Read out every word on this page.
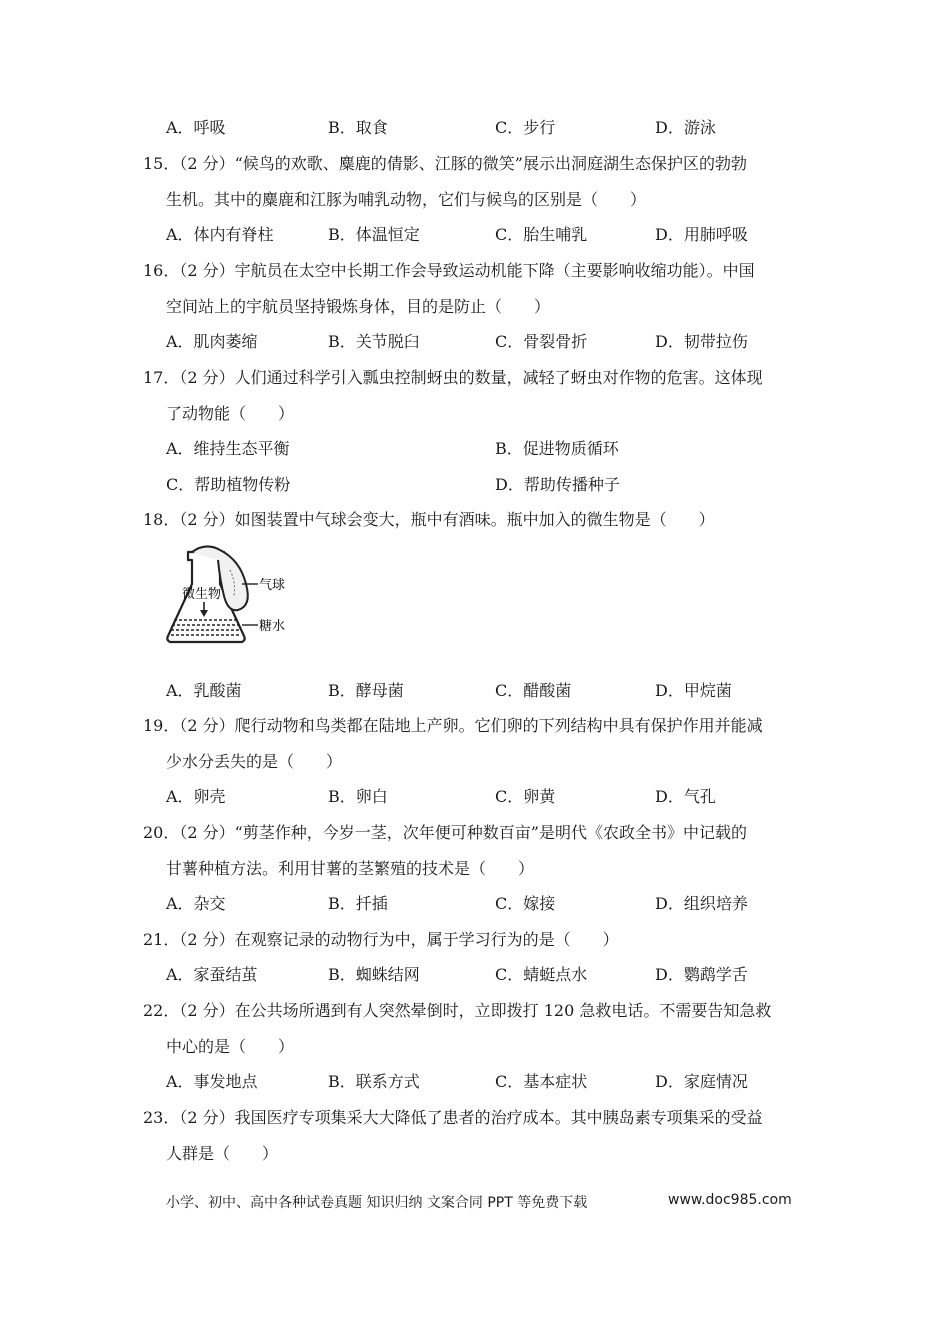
A．呼吸	B．取食	C．步行	D．游泳
15．（2 分）“候鸟的欢歌、麋鹿的倩影、江豚的微笑”展示出洞庭湖生态保护区的勃勃
生机。其中的麋鹿和江豚为哺乳动物，它们与候鸟的区别是（　　）
A．体内有脊柱	B．体温恒定	C．胎生哺乳	D．用肺呼吸
16．（2 分）宇航员在太空中长期工作会导致运动机能下降（主要影响收缩功能）。中国
空间站上的宇航员坚持锻炼身体，目的是防止（　　）
A．肌肉萎缩	B．关节脱臼	C．骨裂骨折	D．韧带拉伤
17．（2 分）人们通过科学引入瓢虫控制蚜虫的数量，减轻了蚜虫对作物的危害。这体现
了动物能（　　）
A．维持生态平衡	B．促进物质循环
C．帮助植物传粉	D．帮助传播种子
18．（2 分）如图装置中气球会变大，瓶中有酒味。瓶中加入的微生物是（　　）
微生物
气球
糖水
A．乳酸菌	B．酵母菌	C．醋酸菌	D．甲烷菌
19．（2 分）爬行动物和鸟类都在陆地上产卵。它们卵的下列结构中具有保护作用并能减
少水分丢失的是（　　）
A．卵壳	B．卵白	C．卵黄	D．气孔
20．（2 分）“剪茎作种，今岁一茎，次年便可种数百亩”是明代《农政全书》中记载的
甘薯种植方法。利用甘薯的茎繁殖的技术是（　　）
A．杂交	B．扦插	C．嫁接	D．组织培养
21．（2 分）在观察记录的动物行为中，属于学习行为的是（　　）
A．家蚕结茧	B．蜘蛛结网	C．蜻蜓点水	D．鹦鹉学舌
22．（2 分）在公共场所遇到有人突然晕倒时，立即拨打 120 急救电话。不需要告知急救
中心的是（　　）
A．事发地点	B．联系方式	C．基本症状	D．家庭情况
23．（2 分）我国医疗专项集采大大降低了患者的治疗成本。其中胰岛素专项集采的受益
人群是（　　）
小学、初中、高中各种试卷真题 知识归纳 文案合同 PPT 等免费下载	www.doc985.com
